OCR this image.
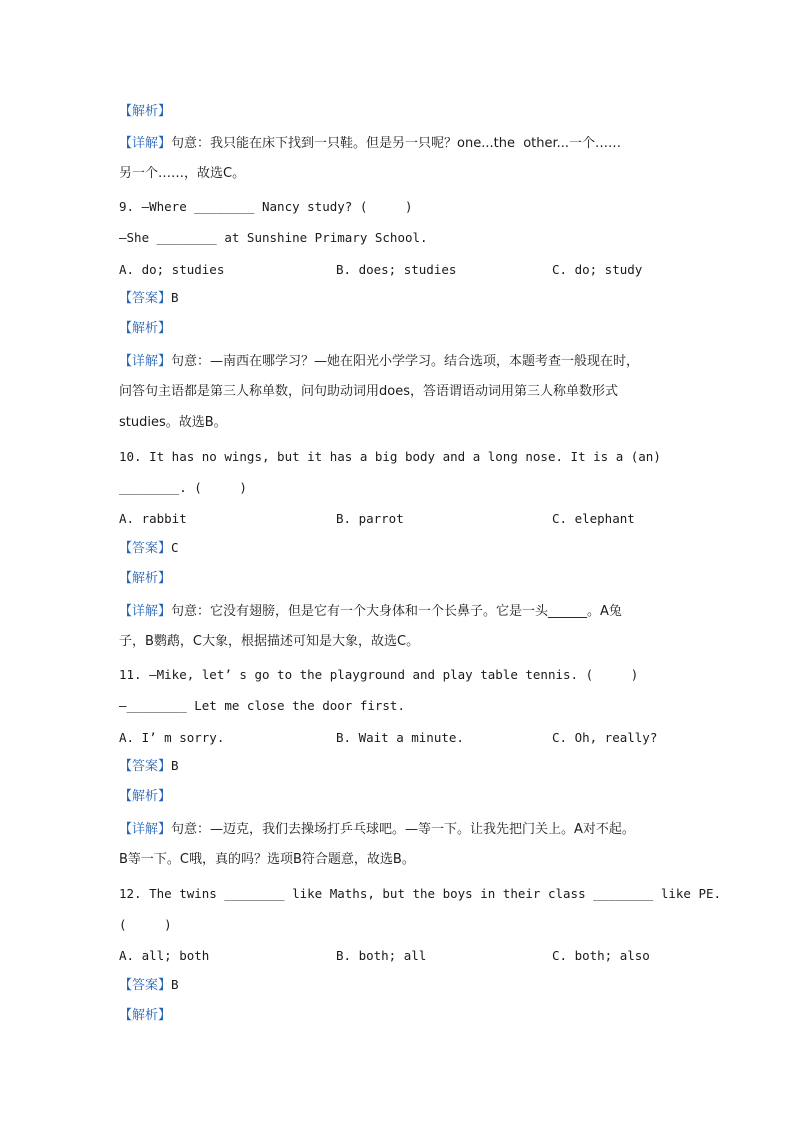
【解析】
【详解】句意：我只能在床下找到一只鞋。但是另一只呢？one...the  other...一个……
另一个……，故选C。
9. —Where ________ Nancy study? (     )
—She ________ at Sunshine Primary School.
A. do; studies	B. does; studies	C. do; study
【答案】B
【解析】
【详解】句意：—南西在哪学习？—她在阳光小学学习。结合选项，本题考查一般现在时，
问答句主语都是第三人称单数，问句助动词用does，答语谓语动词用第三人称单数形式
studies。故选B。
10. It has no wings, but it has a big body and a long nose. It is a (an)
________. (     )
A. rabbit	B. parrot	C. elephant
【答案】C
【解析】
【详解】句意：它没有翅膀，但是它有一个大身体和一个长鼻子。它是一头______。A兔
子，B鹦鹉，C大象，根据描述可知是大象，故选C。
11. —Mike, let’ s go to the playground and play table tennis. (     )
—________ Let me close the door first.
A. I’ m sorry.	B. Wait a minute.	C. Oh, really?
【答案】B
【解析】
【详解】句意：—迈克，我们去操场打乒乓球吧。—等一下。让我先把门关上。A对不起。
B等一下。C哦，真的吗？选项B符合题意，故选B。
12. The twins ________ like Maths, but the boys in their class ________ like PE.
(     )
A. all; both	B. both; all	C. both; also
【答案】B
【解析】
